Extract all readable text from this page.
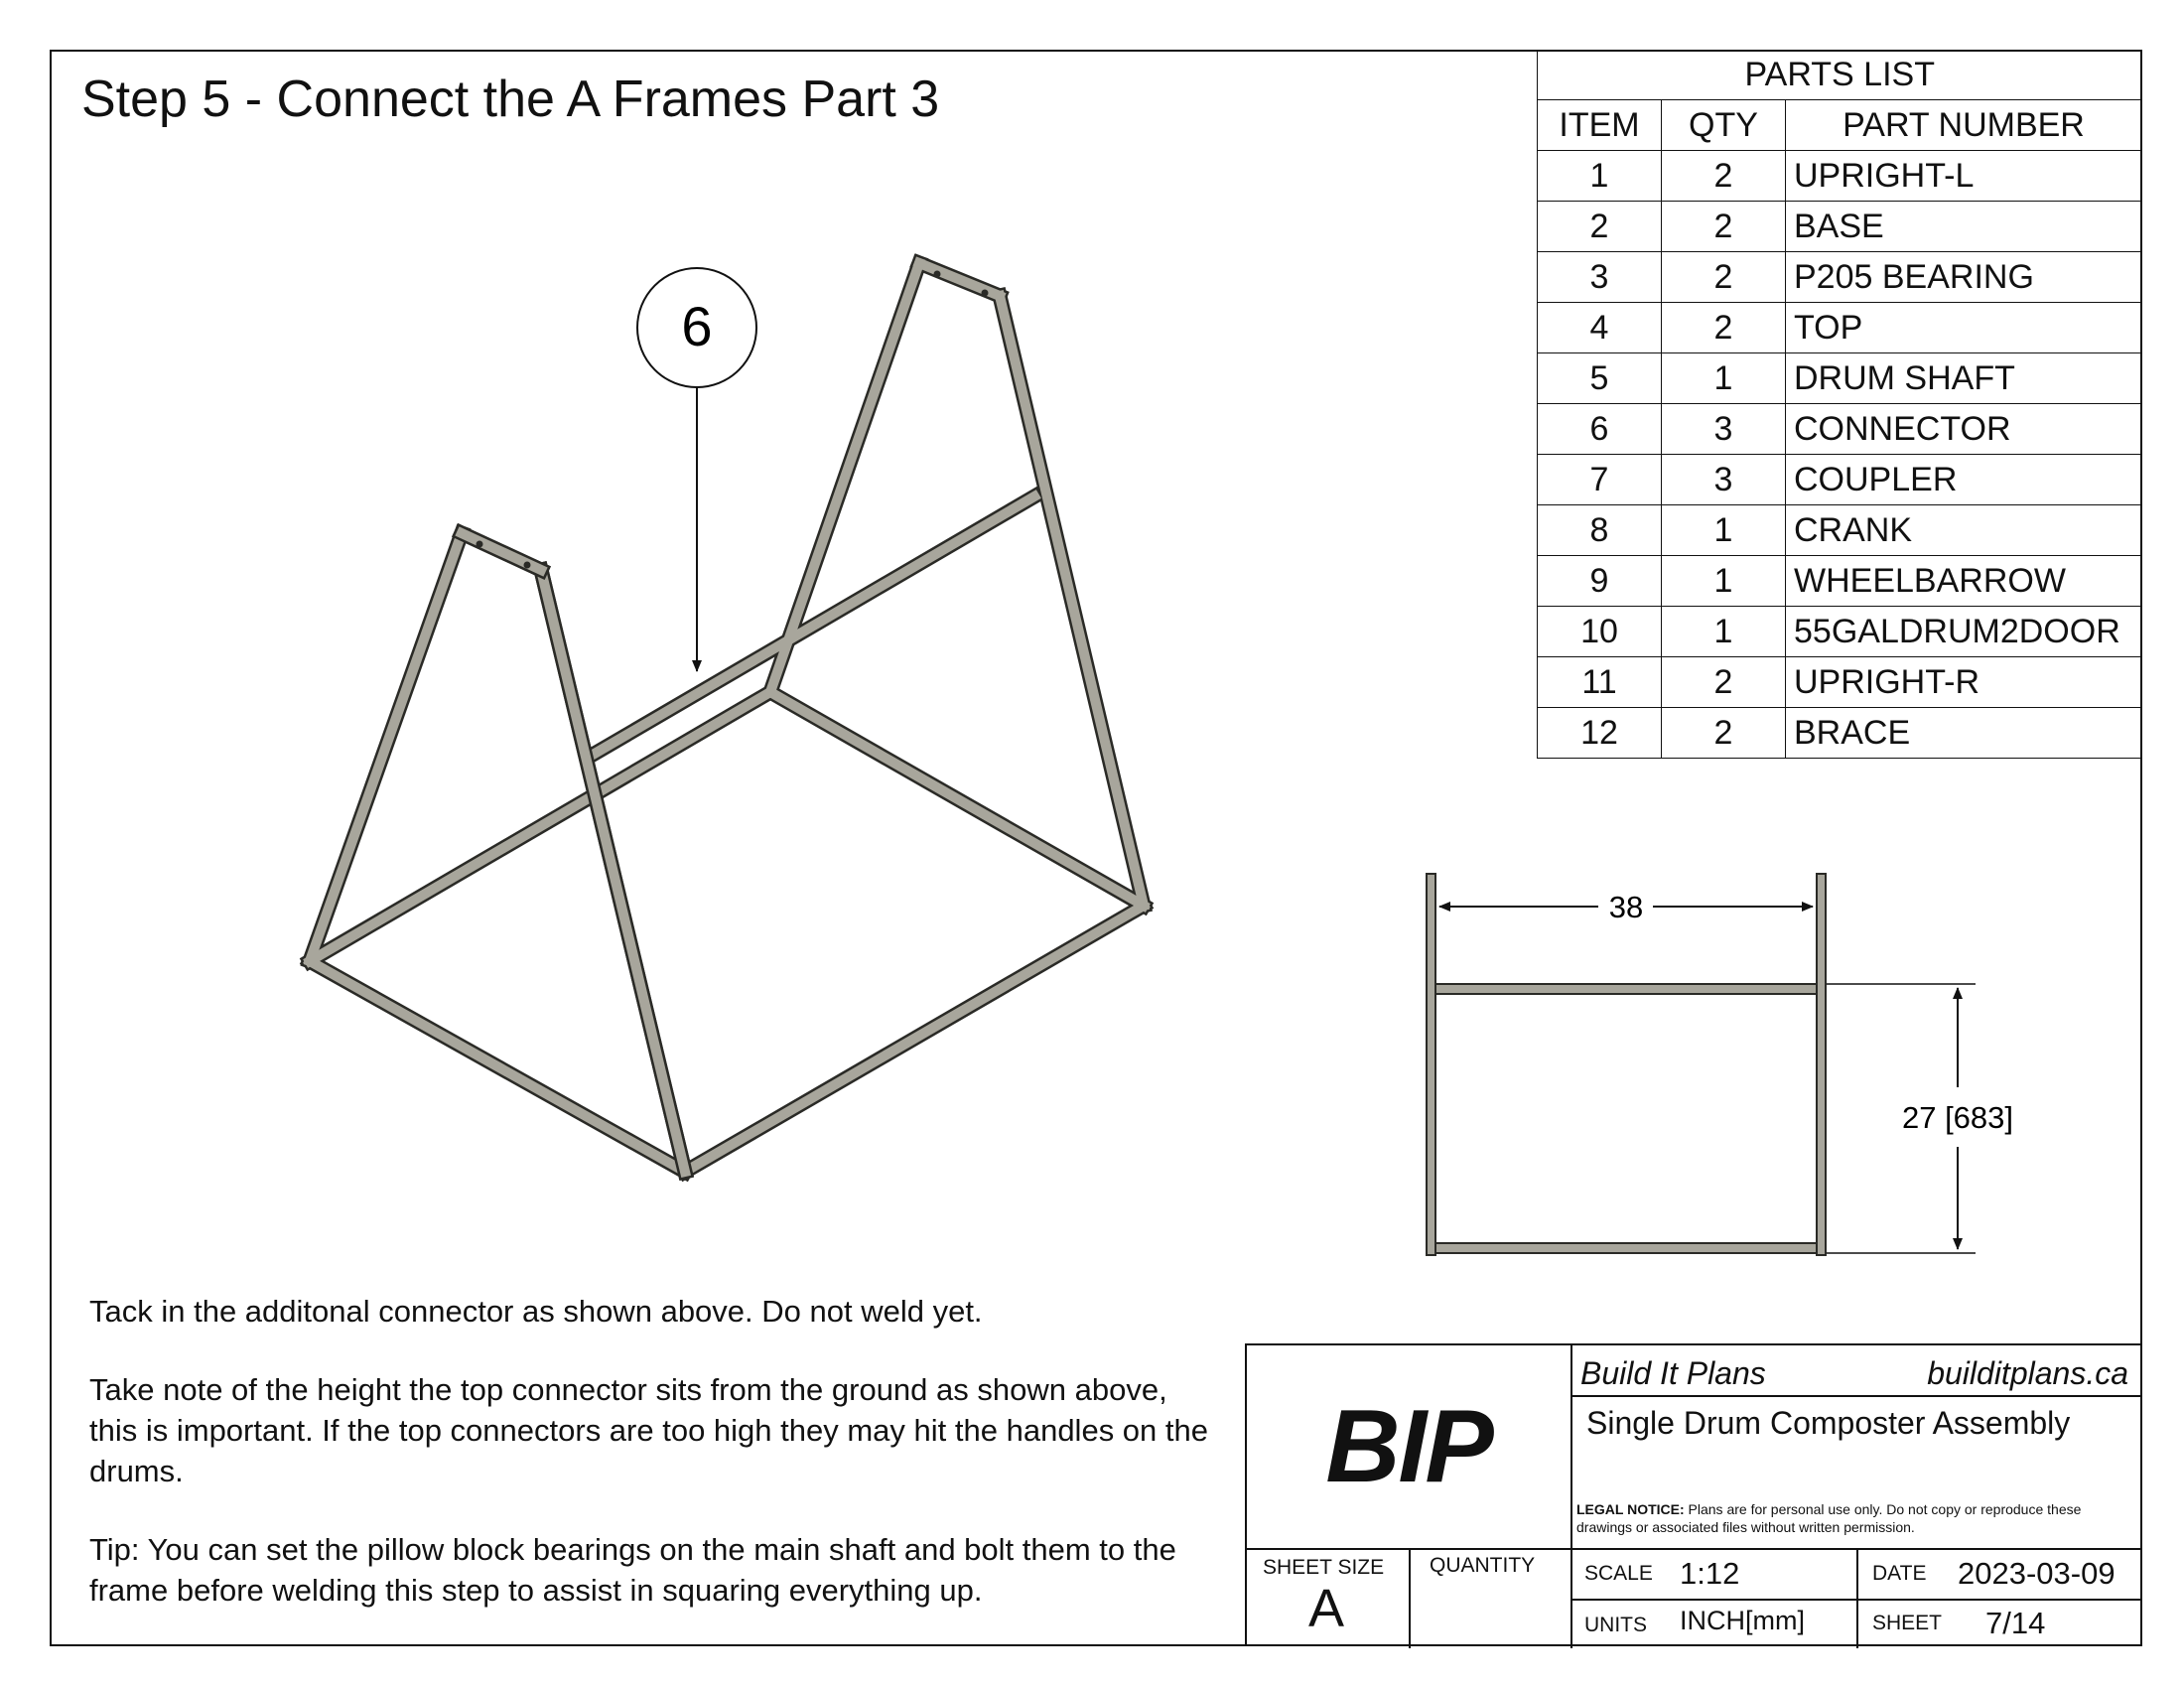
Step 5 - Connect the A Frames Part 3
6
38
27 [683]
PARTS LIST		
ITEM	QTY	PART NUMBER
1	2	UPRIGHT-L
2	2	BASE
3	2	P205 BEARING
4	2	TOP
5	1	DRUM SHAFT
6	3	CONNECTOR
7	3	COUPLER
8	1	CRANK
9	1	WHEELBARROW
10	1	55GALDRUM2DOOR
11	2	UPRIGHT-R
12	2	BRACE

Tack in the additonal connector as shown above. Do not weld yet.

Take note of the height the top connector sits from the ground as shown above, this is important. If the top connectors are too high they may hit the handles on the drums.

Tip: You can set the pillow block bearings on the main shaft and bolt them to the frame before welding this step to assist in squaring everything up.

BIP
Build It Plans	builditplans.ca
Single Drum Composter Assembly
LEGAL NOTICE: Plans are for personal use only. Do not copy or reproduce these drawings or associated files without written permission.
SHEET SIZE
A
QUANTITY SCALE 1:12	DATE 2023-03-09
UNITS INCH[mm]	SHEET 7/14
